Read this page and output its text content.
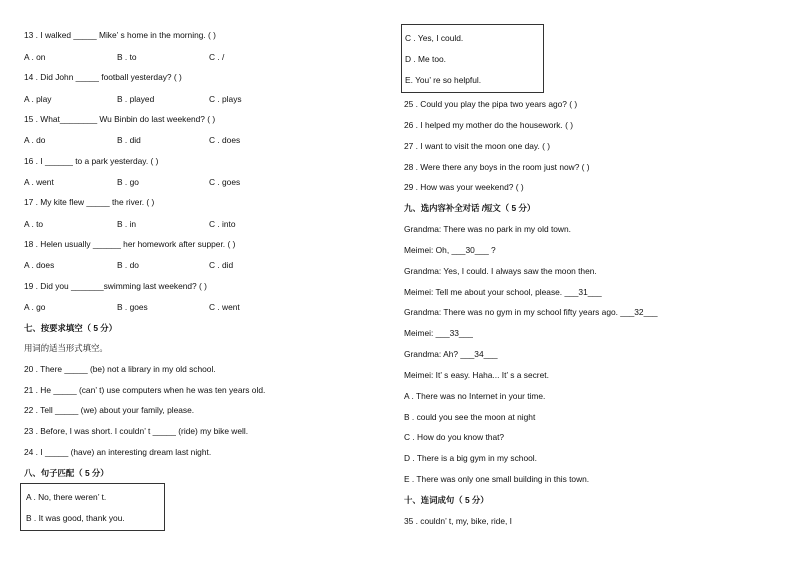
13 . I walked _____ Mike’ s home in the morning. ( )
A . on	B . to	C . /
14 . Did John _____ football yesterday? ( )
A . play	B . played	C . plays
15 . What________ Wu Binbin do last weekend? ( )
A . do	B . did	C . does
16 . I ______ to a park yesterday. ( )
A . went	B . go	C . goes
17 . My kite flew _____ the river. ( )
A . to	B . in	C . into
18 . Helen usually ______ her homework after supper. ( )
A . does	B . do	C . did
19 . Did you _______swimming last weekend? ( )
A . go	B . goes	C . went
七、按要求填空（ 5 分）
用词的适当形式填空。
20 . There _____ (be) not a library in my old school.
21 . He _____ (can’ t) use computers when he was ten years old.
22 . Tell _____ (we) about your family, please.
23 . Before, I was short. I couldn’ t _____ (ride) my bike well.
24 . I _____ (have) an interesting dream last night.
八、句子匹配（ 5 分）
A . No, there weren’ t.
B . It was good, thank you.
C . Yes, I could.
D . Me too.
E. You’ re so helpful.
25 . Could you play the pipa two years ago? ( )
26 . I helped my mother do the housework. ( )
27 . I want to visit the moon one day. ( )
28 . Were there any boys in the room just now? ( )
29 . How was your weekend? ( )
九、选内容补全对话 /短文（ 5 分）
Grandma: There was no park in my old town.
Meimei: Oh, ___30___ ?
Grandma: Yes, I could. I always saw the moon then.
Meimei: Tell me about your school, please. ___31___
Grandma: There was no gym in my school fifty years ago. ___32___
Meimei: ___33___
Grandma: Ah? ___34___
Meimei: It’ s easy. Haha... It’ s a secret.
A . There was no Internet in your time.
B . could you see the moon at night
C . How do you know that?
D . There is a big gym in my school.
E . There was only one small building in this town.
十、连词成句（ 5 分）
35 . couldn’ t, my, bike, ride, I
